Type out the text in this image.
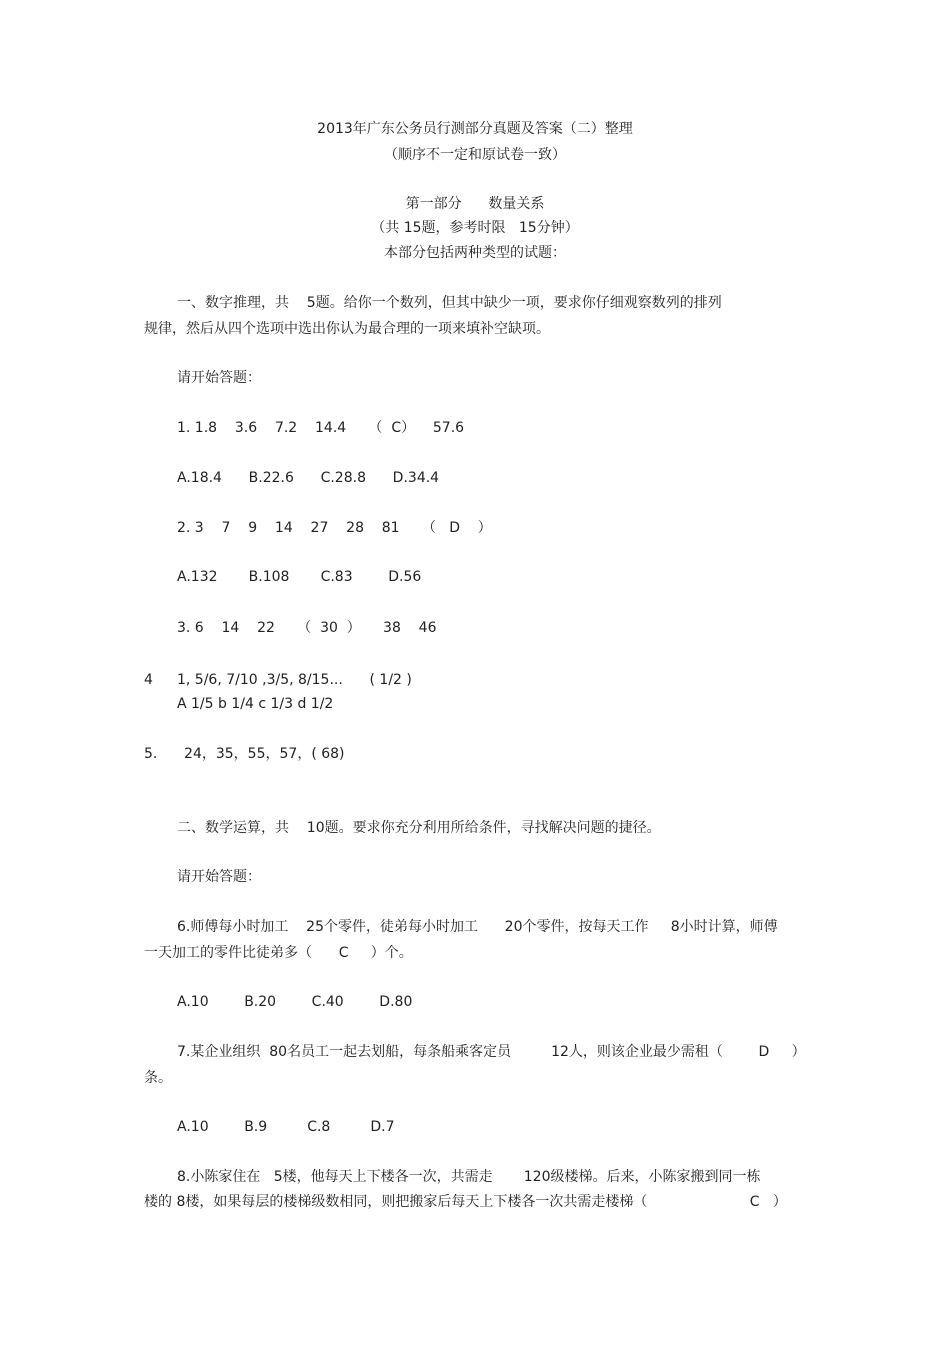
2013年广东公务员行测部分真题及答案（二）整理
（顺序不一定和原试卷一致）
第一部分      数量关系
（共 15题，参考时限   15分钟）
本部分包括两种类型的试题：
一、数字推理，共    5题。给你一个数列，但其中缺少一项，要求你仔细观察数列的排列
规律，然后从四个选项中选出你认为最合理的一项来填补空缺项。
请开始答题：
1. 1.8    3.6    7.2    14.4     （  C）    57.6
A.18.4      B.22.6      C.28.8      D.34.4
2. 3    7    9    14    27    28    81     （   D    ）
A.132       B.108       C.83        D.56
3. 6    14    22     （  30  ）     38    46
4 1, 5/6, 7/10 ,3/5, 8/15...      ( 1/2 )
A 1/5 b 1/4 c 1/3 d 1/2
5.      24，35，55，57，( 68)
二、数学运算，共    10题。要求你充分利用所给条件，寻找解决问题的捷径。
请开始答题：
6.师傅每小时加工    25个零件，徒弟每小时加工      20个零件，按每天工作     8小时计算，师傅
一天加工的零件比徒弟多（      C     ）个。
A.10        B.20        C.40        D.80
7.某企业组织  80名员工一起去划船，每条船乘客定员         12人，则该企业最少需租（        D     ）
条。
A.10        B.9         C.8         D.7
8.小陈家住在   5楼，他每天上下楼各一次，共需走       120级楼梯。后来，小陈家搬到同一栋
楼的 8楼，如果每层的楼梯级数相同，则把搬家后每天上下楼各一次共需走楼梯（                       C   ）
